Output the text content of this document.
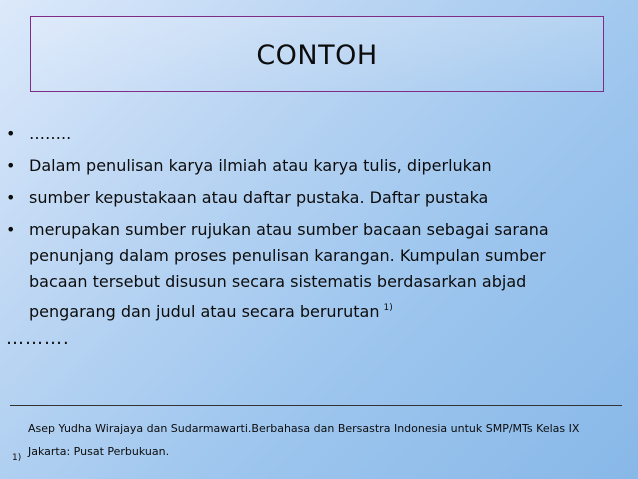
CONTOH
• ……..
• Dalam penulisan karya ilmiah atau karya tulis, diperlukan
• sumber kepustakaan atau daftar pustaka. Daftar pustaka
• merupakan sumber rujukan atau sumber bacaan sebagai sarana
penunjang dalam proses penulisan karangan. Kumpulan sumber
bacaan tersebut disusun secara sistematis berdasarkan abjad
pengarang dan judul atau secara berurutan $^{1)}$
……….
Asep Yudha Wirajaya dan Sudarmawarti.Berbahasa dan Bersastra Indonesia untuk SMP/MTs Kelas IX
1) Jakarta: Pusat Perbukuan.
